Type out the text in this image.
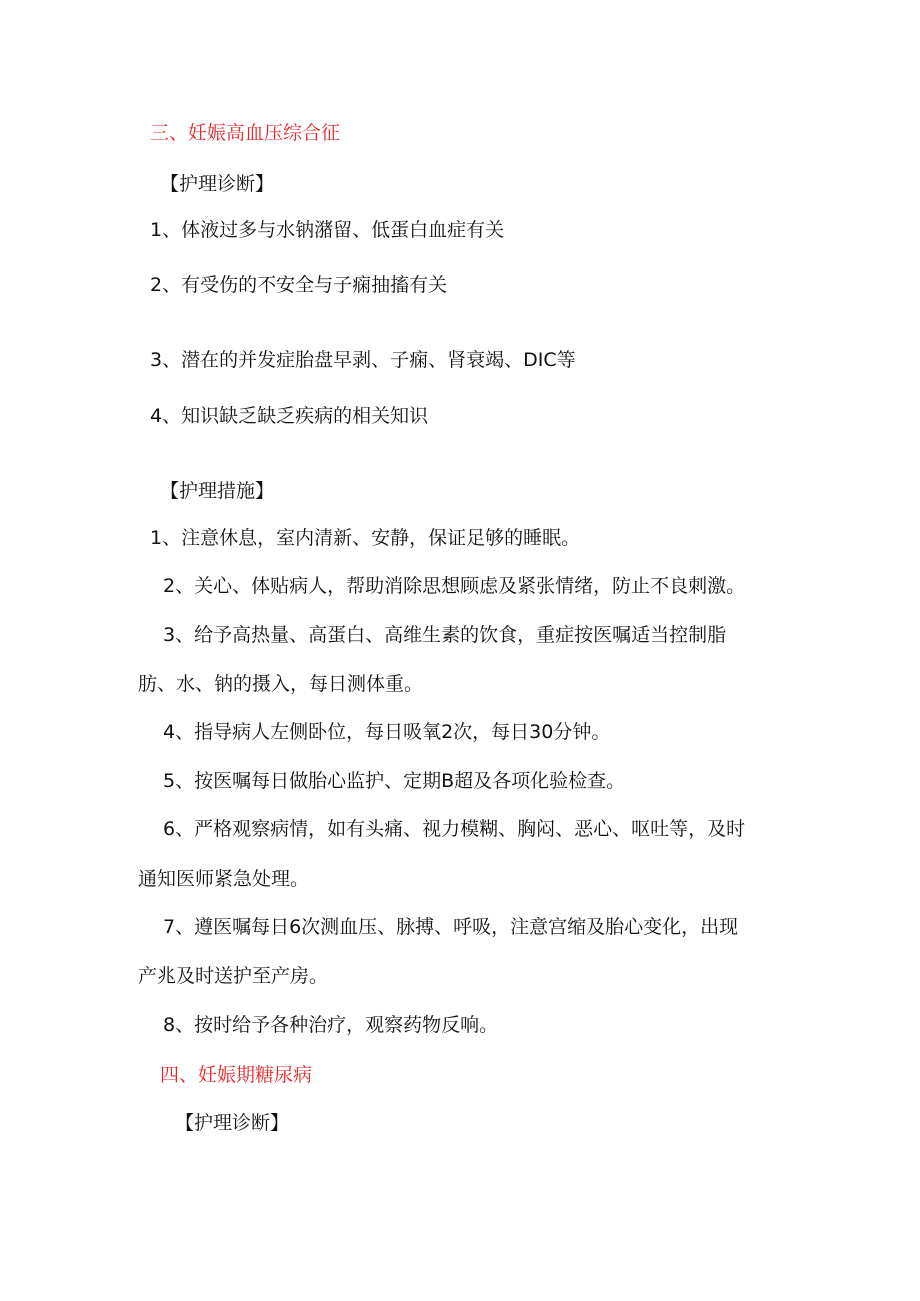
三、妊娠高血压综合征

【护理诊断】

1、体液过多与水钠潴留、低蛋白血症有关

2、有受伤的不安全与子痫抽搐有关

3、潜在的并发症胎盘早剥、子痫、肾衰竭、DIC等

4、知识缺乏缺乏疾病的相关知识

【护理措施】

1、注意休息，室内清新、安静，保证足够的睡眠。

2、关心、体贴病人，帮助消除思想顾虑及紧张情绪，防止不良刺激。

3、给予高热量、高蛋白、高维生素的饮食，重症按医嘱适当控制脂

肪、水、钠的摄入，每日测体重。

4、指导病人左侧卧位，每日吸氧2次，每日30分钟。

5、按医嘱每日做胎心监护、定期B超及各项化验检查。

6、严格观察病情，如有头痛、视力模糊、胸闷、恶心、呕吐等，及时

通知医师紧急处理。

7、遵医嘱每日6次测血压、脉搏、呼吸，注意宫缩及胎心变化，出现

产兆及时送护至产房。

8、按时给予各种治疗，观察药物反响。

四、妊娠期糖尿病

【护理诊断】
